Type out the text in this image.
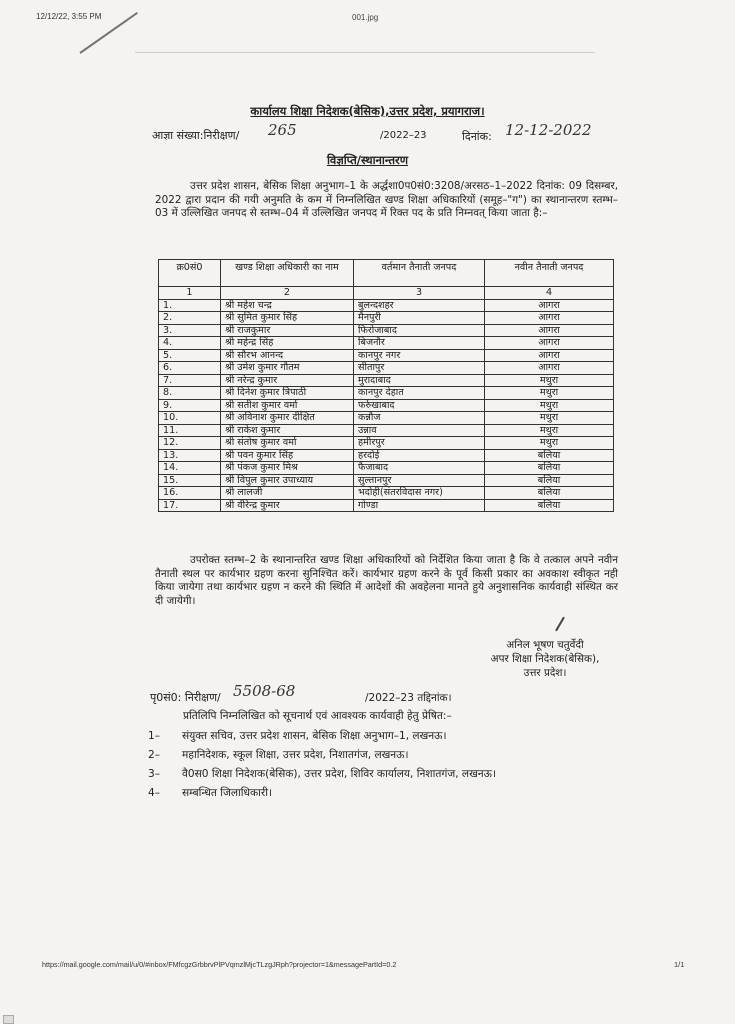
12/12/22, 3:55 PM	001.jpg
कार्यालय शिक्षा निदेशक(बेसिक),उत्तर प्रदेश, प्रयागराज।
आज्ञा संख्या:निरीक्षण/ 265	/2022–23	दिनांक: 12-12-2022
विज्ञप्ति/स्थानान्तरण
उत्तर प्रदेश शासन, बेसिक शिक्षा अनुभाग–1 के अर्द्धशा0प0सं0:3208/अरसठ–1–2022 दिनांक: 09 दिसम्बर, 2022 द्वारा प्रदान की गयी अनुमति के कम में निम्नलिखित खण्ड शिक्षा अधिकारियों (समूह–"ग") का स्थानान्तरण स्तम्भ–03 में उल्लिखित जनपद से स्तम्भ–04 में उल्लिखित जनपद में रिक्त पद के प्रति निम्नवत् किया जाता है:–
क्र0सं0	खण्ड शिक्षा अधिकारी का नाम	वर्तमान तैनाती जनपद	नवीन तैनाती जनपद
1	2	3	4
1.	श्री महेश चन्द्र	बुलन्दशहर	आगरा
2.	श्री सुमित कुमार सिंह	मैनपुरी	आगरा
3.	श्री राजकुमार	फिरोजाबाद	आगरा
4.	श्री महेन्द्र सिंह	बिजनौर	आगरा
5.	श्री सौरभ आनन्द	कानपुर नगर	आगरा
6.	श्री उमेश कुमार गौतम	सीतापुर	आगरा
7.	श्री नरेन्द्र कुमार	मुरादाबाद	मथुरा
8.	श्री दिनेश कुमार त्रिपाठी	कानपुर देहात	मथुरा
9.	श्री सतीश कुमार वर्मा	फर्रुखाबाद	मथुरा
10.	श्री अविनाश कुमार दीक्षित	कन्नौज	मथुरा
11.	श्री राकेश कुमार	उन्नाव	मथुरा
12.	श्री संतोष कुमार वर्मा	हमीरपुर	मथुरा
13.	श्री पवन कुमार सिंह	हरदोई	बलिया
14.	श्री पंकज कुमार मिश्र	फैजाबाद	बलिया
15.	श्री विपुल कुमार उपाध्याय	सुल्तानपुर	बलिया
16.	श्री लालजी	भदोही(संतरविदास नगर)	बलिया
17.	श्री वीरेन्द्र कुमार	गोण्डा	बलिया
उपरोक्त स्तम्भ–2 के स्थानान्तरित खण्ड शिक्षा अधिकारियों को निर्देशित किया जाता है कि वे तत्काल अपने नवीन तैनाती स्थल पर कार्यभार ग्रहण करना सुनिश्चित करें। कार्यभार ग्रहण करने के पूर्व किसी प्रकार का अवकाश स्वीकृत नही किया जायेगा तथा कार्यभार ग्रहण न करने की स्थिति में आदेशों की अवहेलना मानते हुये अनुशासनिक कार्यवाही संस्थित कर दी जायेगी।
अनिल भूषण चतुर्वेदी
अपर शिक्षा निदेशक(बेसिक),
उत्तर प्रदेश।
पृ0सं0: निरीक्षण/ 5508-68	/2022–23 तद्दिनांक।
प्रतिलिपि निम्नलिखित को सूचनार्थ एवं आवश्यक कार्यवाही हेतु प्रेषित:–
1–	संयुक्त सचिव, उत्तर प्रदेश शासन, बेसिक शिक्षा अनुभाग–1, लखनऊ।
2–	महानिदेशक, स्कूल शिक्षा, उत्तर प्रदेश, निशातगंज, लखनऊ।
3–	वै0स0 शिक्षा निदेशक(बेसिक), उत्तर प्रदेश, शिविर कार्यालय, निशातगंज, लखनऊ।
4–	सम्बन्धित जिलाधिकारी।
https://mail.google.com/mail/u/0/#inbox/FMfcgzGrbbrvPlPVqmzlMjcTLzgJRph?projector=1&messagePartId=0.2	1/1
